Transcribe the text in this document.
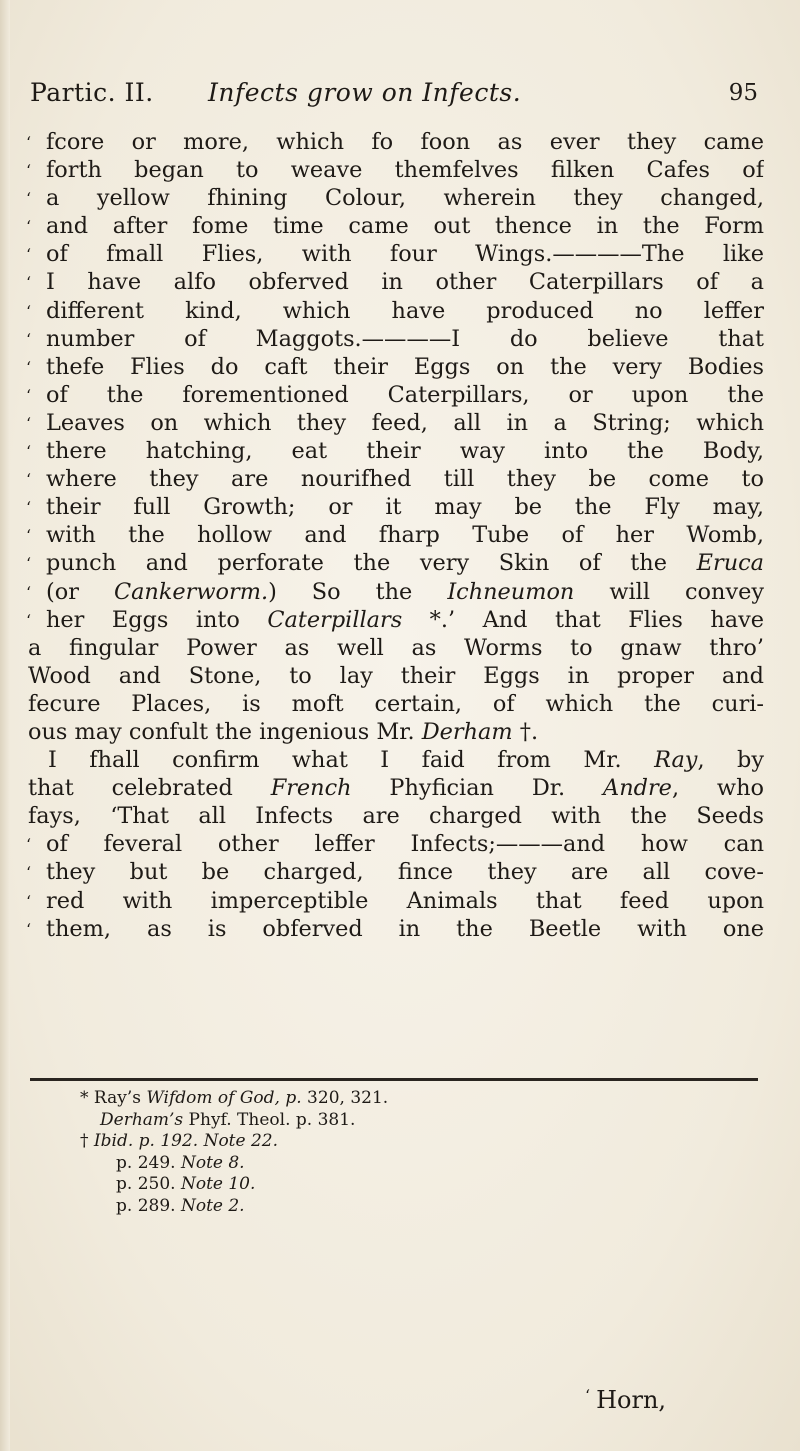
Partic. II. Infects grow on Infects.	95
‘ fcore or more, which fo foon as ever they came
‘ forth began to weave themfelves filken Cafes of
‘ a yellow fhining Colour, wherein they changed,
‘ and after fome time came out thence in the Form
‘ of fmall Flies, with four Wings.————The like
‘ I have alfo obferved in other Caterpillars of a
‘ different kind, which have produced no leffer
‘ number of Maggots.————I do believe that
‘ thefe Flies do caft their Eggs on the very Bodies
‘ of the forementioned Caterpillars, or upon the
‘ Leaves on which they feed, all in a String; which
‘ there hatching, eat their way into the Body,
‘ where they are nourifhed till they be come to
‘ their full Growth; or it may be the Fly may,
‘ with the hollow and fharp Tube of her Womb,
‘ punch and perforate the very Skin of the Eruca
‘ (or Cankerworm.) So the Ichneumon will convey
‘ her Eggs into Caterpillars *.’ And that Flies have
a fingular Power as well as Worms to gnaw thro’
Wood and Stone, to lay their Eggs in proper and
fecure Places, is moft certain, of which the curi-
ous may confult the ingenious Mr. Derham †.
I fhall confirm what I faid from Mr. Ray, by
that celebrated French Phyfician Dr. Andre, who
fays, ‘That all Infects are charged with the Seeds
‘ of feveral other leffer Infects;———and how can
‘ they but be charged, fince they are all cove-
‘ red with imperceptible Animals that feed upon
‘ them, as is obferved in the Beetle with one
* Ray’s Wifdom of God, p. 320, 321.
Derham’s Phyf. Theol. p. 381.
† Ibid. p. 192. Note 22.
p. 249. Note 8.
p. 250. Note 10.
p. 289. Note 2.
‘ Horn,
